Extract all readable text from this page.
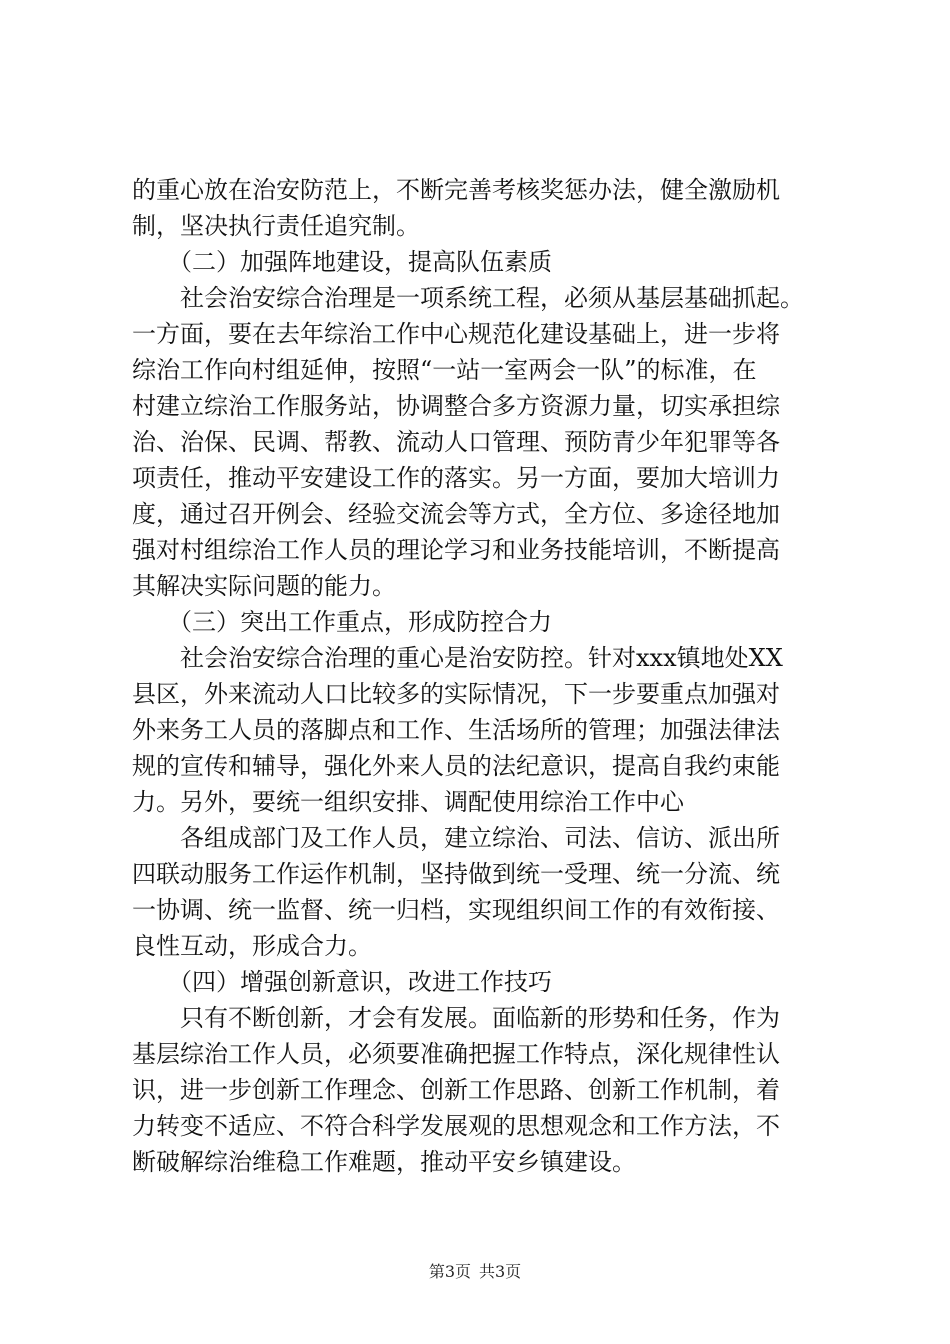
的重心放在治安防范上，不断完善考核奖惩办法，健全激励机
制，坚决执行责任追究制。
　　（二）加强阵地建设，提高队伍素质
　　社会治安综合治理是一项系统工程，必须从基层基础抓起。
一方面，要在去年综治工作中心规范化建设基础上，进一步将
综治工作向村组延伸，按照“一站一室两会一队”的标准，在
村建立综治工作服务站，协调整合多方资源力量，切实承担综
治、治保、民调、帮教、流动人口管理、预防青少年犯罪等各
项责任，推动平安建设工作的落实。另一方面，要加大培训力
度，通过召开例会、经验交流会等方式，全方位、多途径地加
强对村组综治工作人员的理论学习和业务技能培训，不断提高
其解决实际问题的能力。
　　（三）突出工作重点，形成防控合力
　　社会治安综合治理的重心是治安防控。针对xxx镇地处XX
县区，外来流动人口比较多的实际情况，下一步要重点加强对
外来务工人员的落脚点和工作、生活场所的管理；加强法律法
规的宣传和辅导，强化外来人员的法纪意识，提高自我约束能
力。另外，要统一组织安排、调配使用综治工作中心
　　各组成部门及工作人员，建立综治、司法、信访、派出所
四联动服务工作运作机制，坚持做到统一受理、统一分流、统
一协调、统一监督、统一归档，实现组织间工作的有效衔接、
良性互动，形成合力。
　　（四）增强创新意识，改进工作技巧
　　只有不断创新，才会有发展。面临新的形势和任务，作为
基层综治工作人员，必须要准确把握工作特点，深化规律性认
识，进一步创新工作理念、创新工作思路、创新工作机制，着
力转变不适应、不符合科学发展观的思想观念和工作方法，不
断破解综治维稳工作难题，推动平安乡镇建设。
第3页 共3页
